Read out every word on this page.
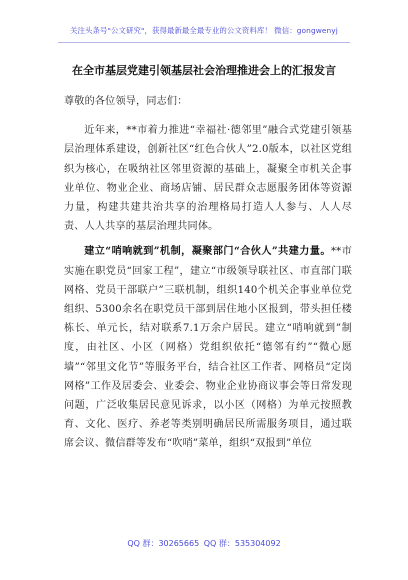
关注头条号"公文研究"，获得最新最全最专业的公文资料库！ 微信：gongwenyj
在全市基层党建引领基层社会治理推进会上的汇报发言

尊敬的各位领导，同志们：

近年来，**市着力推进“幸福社·德邻里”融合式党建引领基层治理体系建设，创新社区“红色合伙人”2.0版本，以社区党组织为核心，在吸纳社区邻里资源的基础上，凝聚全市机关企事业单位、物业企业、商场店铺、居民群众志愿服务团体等资源力量，构建共建共治共享的治理格局打造人人参与、人人尽责、人人共享的基层治理共同体。

建立“哨响就到”机制，凝聚部门“合伙人”共建力量。**市实施在职党员“回家工程”，建立“市级领导联社区、市直部门联网格、党员干部联户”三联机制，组织140个机关企事业单位党组织、5300余名在职党员干部到居住地小区报到，带头担任楼栋长、单元长，结对联系7.1万余户居民。建立“哨响就到”制度，由社区、小区（网格）党组织依托“德邻有约”“微心愿墙”“邻里文化节”等服务平台，结合社区工作者、网格员“定岗网格”工作及居委会、业委会、物业企业协商议事会等日常发现问题，广泛收集居民意见诉求，以小区（网格）为单元按照教育、文化、医疗、养老等类别明确居民所需服务项目，通过联席会议、微信群等发布“吹哨”菜单，组织“双报到”单位

QQ 群：30265665 QQ 群：535304092
